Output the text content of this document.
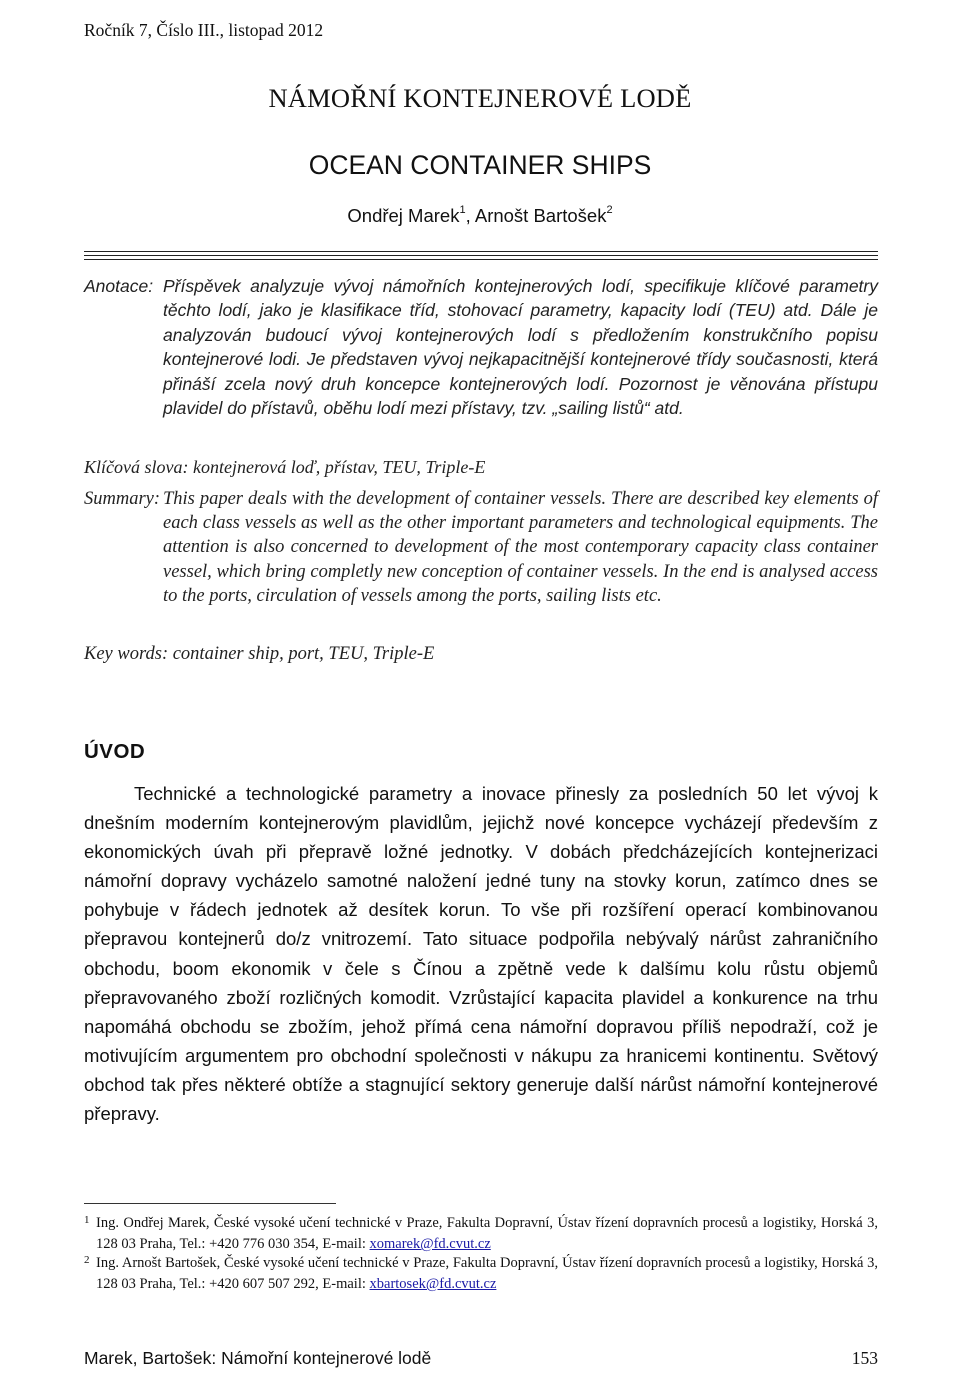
Ročník 7, Číslo III., listopad 2012
NÁMOŘNÍ KONTEJNEROVÉ LODĚ
OCEAN CONTAINER SHIPS
Ondřej Marek$^1$, Arnošt Bartošek$^2$
Anotace: Příspěvek analyzuje vývoj námořních kontejnerových lodí, specifikuje klíčové parametry těchto lodí, jako je klasifikace tříd, stohovací parametry, kapacity lodí (TEU) atd. Dále je analyzován budoucí vývoj kontejnerových lodí s předložením konstrukčního popisu kontejnerové lodi. Je představen vývoj nejkapacitnější kontejnerové třídy současnosti, která přináší zcela nový druh koncepce kontejnerových lodí. Pozornost je věnována přístupu plavidel do přístavů, oběhu lodí mezi přístavy, tzv. „sailing listů“ atd.
Klíčová slova: kontejnerová loď, přístav, TEU, Triple-E
Summary: This paper deals with the development of container vessels. There are described key elements of each class vessels as well as the other important parameters and technological equipments. The attention is also concerned to development of the most contemporary capacity class container vessel, which bring completly new conception of container vessels. In the end is analysed access to the ports, circulation of vessels among the ports, sailing lists etc.
Key words: container ship, port, TEU, Triple-E
ÚVOD
Technické a technologické parametry a inovace přinesly za posledních 50 let vývoj k dnešním moderním kontejnerovým plavidlům, jejichž nové koncepce vycházejí především z ekonomických úvah při přepravě ložné jednotky. V dobách předcházejících kontejnerizaci námořní dopravy vycházelo samotné naložení jedné tuny na stovky korun, zatímco dnes se pohybuje v řádech jednotek až desítek korun. To vše při rozšíření operací kombinovanou přepravou kontejnerů do/z vnitrozemí. Tato situace podpořila nebývalý nárůst zahraničního obchodu, boom ekonomik v čele s Čínou a zpětně vede k dalšímu kolu růstu objemů přepravovaného zboží rozličných komodit. Vzrůstající kapacita plavidel a konkurence na trhu napomáhá obchodu se zbožím, jehož přímá cena námořní dopravou příliš nepodraží, což je motivujícím argumentem pro obchodní společnosti v nákupu za hranicemi kontinentu. Světový obchod tak přes některé obtíže a stagnující sektory generuje další nárůst námořní kontejnerové přepravy.
1 Ing. Ondřej Marek, České vysoké učení technické v Praze, Fakulta Dopravní, Ústav řízení dopravních procesů a logistiky, Horská 3, 128 03 Praha, Tel.: +420 776 030 354, E-mail: xomarek@fd.cvut.cz
2 Ing. Arnošt Bartošek, České vysoké učení technické v Praze, Fakulta Dopravní, Ústav řízení dopravních procesů a logistiky, Horská 3, 128 03 Praha, Tel.: +420 607 507 292, E-mail: xbartosek@fd.cvut.cz
Marek, Bartošek: Námořní kontejnerové lodě	153
